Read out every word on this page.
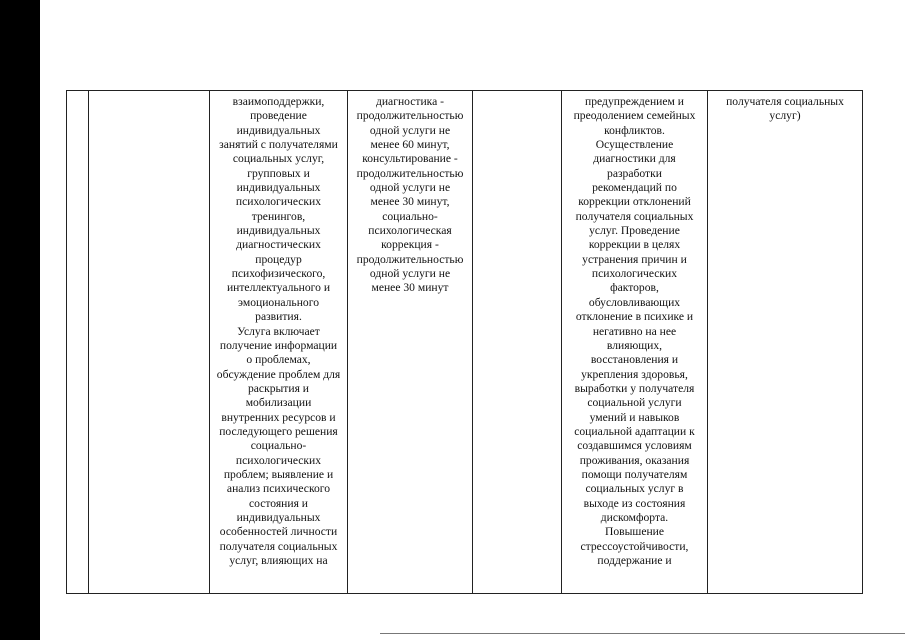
		взаимоподдержки,
проведение
индивидуальных
занятий с получателями
социальных услуг,
групповых и
индивидуальных
психологических
тренингов,
индивидуальных
диагностических
процедур
психофизического,
интеллектуального и
эмоционального
развития.
Услуга включает
получение информации
о проблемах,
обсуждение проблем для
раскрытия и
мобилизации
внутренних ресурсов и
последующего решения
социально-
психологических
проблем; выявление и
анализ психического
состояния и
индивидуальных
особенностей личности
получателя социальных
услуг, влияющих на	диагностика -
продолжительностью
одной услуги не
менее 60 минут,
консультирование -
продолжительностью
одной услуги не
менее 30 минут,
социально-
психологическая
коррекция -
продолжительностью
одной услуги не
менее 30 минут		предупреждением и
преодолением семейных
конфликтов.
Осуществление
диагностики для
разработки
рекомендаций по
коррекции отклонений
получателя социальных
услуг. Проведение
коррекции в целях
устранения причин и
психологических
факторов,
обусловливающих
отклонение в психике и
негативно на нее
влияющих,
восстановления и
укрепления здоровья,
выработки у получателя
социальной услуги
умений и навыков
социальной адаптации к
создавшимся условиям
проживания, оказания
помощи получателям
социальных услуг в
выходе из состояния
дискомфорта.
Повышение
стрессоустойчивости,
поддержание и	получателя социальных
услуг)
